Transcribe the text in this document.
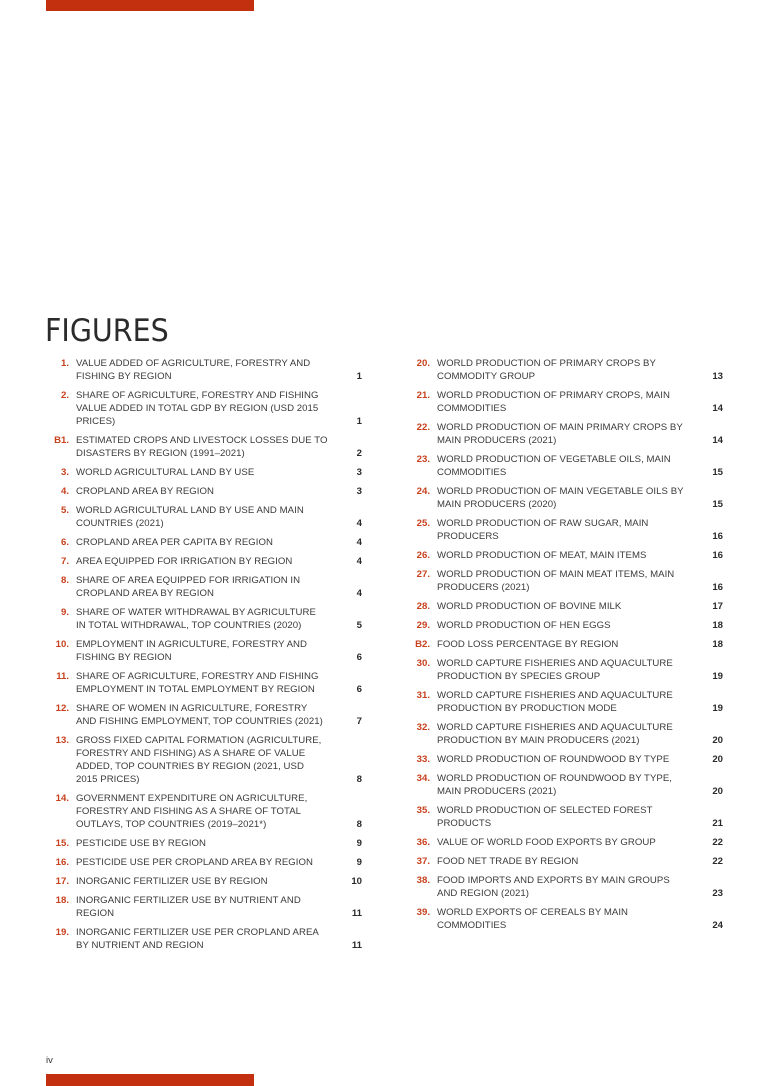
FIGURES
1. VALUE ADDED OF AGRICULTURE, FORESTRY AND FISHING BY REGION	1
2. SHARE OF AGRICULTURE, FORESTRY AND FISHING VALUE ADDED IN TOTAL GDP BY REGION (USD 2015 PRICES)	1
B1. ESTIMATED CROPS AND LIVESTOCK LOSSES DUE TO DISASTERS BY REGION (1991–2021)	2
3. WORLD AGRICULTURAL LAND BY USE	3
4. CROPLAND AREA BY REGION	3
5. WORLD AGRICULTURAL LAND BY USE AND MAIN COUNTRIES (2021)	4
6. CROPLAND AREA PER CAPITA BY REGION	4
7. AREA EQUIPPED FOR IRRIGATION BY REGION	4
8. SHARE OF AREA EQUIPPED FOR IRRIGATION IN CROPLAND AREA BY REGION	4
9. SHARE OF WATER WITHDRAWAL BY AGRICULTURE IN TOTAL WITHDRAWAL, TOP COUNTRIES (2020)	5
10. EMPLOYMENT IN AGRICULTURE, FORESTRY AND FISHING BY REGION	6
11. SHARE OF AGRICULTURE, FORESTRY AND FISHING EMPLOYMENT IN TOTAL EMPLOYMENT BY REGION	6
12. SHARE OF WOMEN IN AGRICULTURE, FORESTRY AND FISHING EMPLOYMENT, TOP COUNTRIES (2021)	7
13. GROSS FIXED CAPITAL FORMATION (AGRICULTURE, FORESTRY AND FISHING) AS A SHARE OF VALUE ADDED, TOP COUNTRIES BY REGION (2021, USD 2015 PRICES)	8
14. GOVERNMENT EXPENDITURE ON AGRICULTURE, FORESTRY AND FISHING AS A SHARE OF TOTAL OUTLAYS, TOP COUNTRIES (2019–2021*)	8
15. PESTICIDE USE BY REGION	9
16. PESTICIDE USE PER CROPLAND AREA BY REGION	9
17. INORGANIC FERTILIZER USE BY REGION	10
18. INORGANIC FERTILIZER USE BY NUTRIENT AND REGION	11
19. INORGANIC FERTILIZER USE PER CROPLAND AREA BY NUTRIENT AND REGION	11
20. WORLD PRODUCTION OF PRIMARY CROPS BY COMMODITY GROUP	13
21. WORLD PRODUCTION OF PRIMARY CROPS, MAIN COMMODITIES	14
22. WORLD PRODUCTION OF MAIN PRIMARY CROPS BY MAIN PRODUCERS (2021)	14
23. WORLD PRODUCTION OF VEGETABLE OILS, MAIN COMMODITIES	15
24. WORLD PRODUCTION OF MAIN VEGETABLE OILS BY MAIN PRODUCERS (2020)	15
25. WORLD PRODUCTION OF RAW SUGAR, MAIN PRODUCERS	16
26. WORLD PRODUCTION OF MEAT, MAIN ITEMS	16
27. WORLD PRODUCTION OF MAIN MEAT ITEMS, MAIN PRODUCERS (2021)	16
28. WORLD PRODUCTION OF BOVINE MILK	17
29. WORLD PRODUCTION OF HEN EGGS	18
B2. FOOD LOSS PERCENTAGE BY REGION	18
30. WORLD CAPTURE FISHERIES AND AQUACULTURE PRODUCTION BY SPECIES GROUP	19
31. WORLD CAPTURE FISHERIES AND AQUACULTURE PRODUCTION BY PRODUCTION MODE	19
32. WORLD CAPTURE FISHERIES AND AQUACULTURE PRODUCTION BY MAIN PRODUCERS (2021)	20
33. WORLD PRODUCTION OF ROUNDWOOD BY TYPE	20
34. WORLD PRODUCTION OF ROUNDWOOD BY TYPE, MAIN PRODUCERS (2021)	20
35. WORLD PRODUCTION OF SELECTED FOREST PRODUCTS	21
36. VALUE OF WORLD FOOD EXPORTS BY GROUP	22
37. FOOD NET TRADE BY REGION	22
38. FOOD IMPORTS AND EXPORTS BY MAIN GROUPS AND REGION (2021)	23
39. WORLD EXPORTS OF CEREALS BY MAIN COMMODITIES	24
iv
